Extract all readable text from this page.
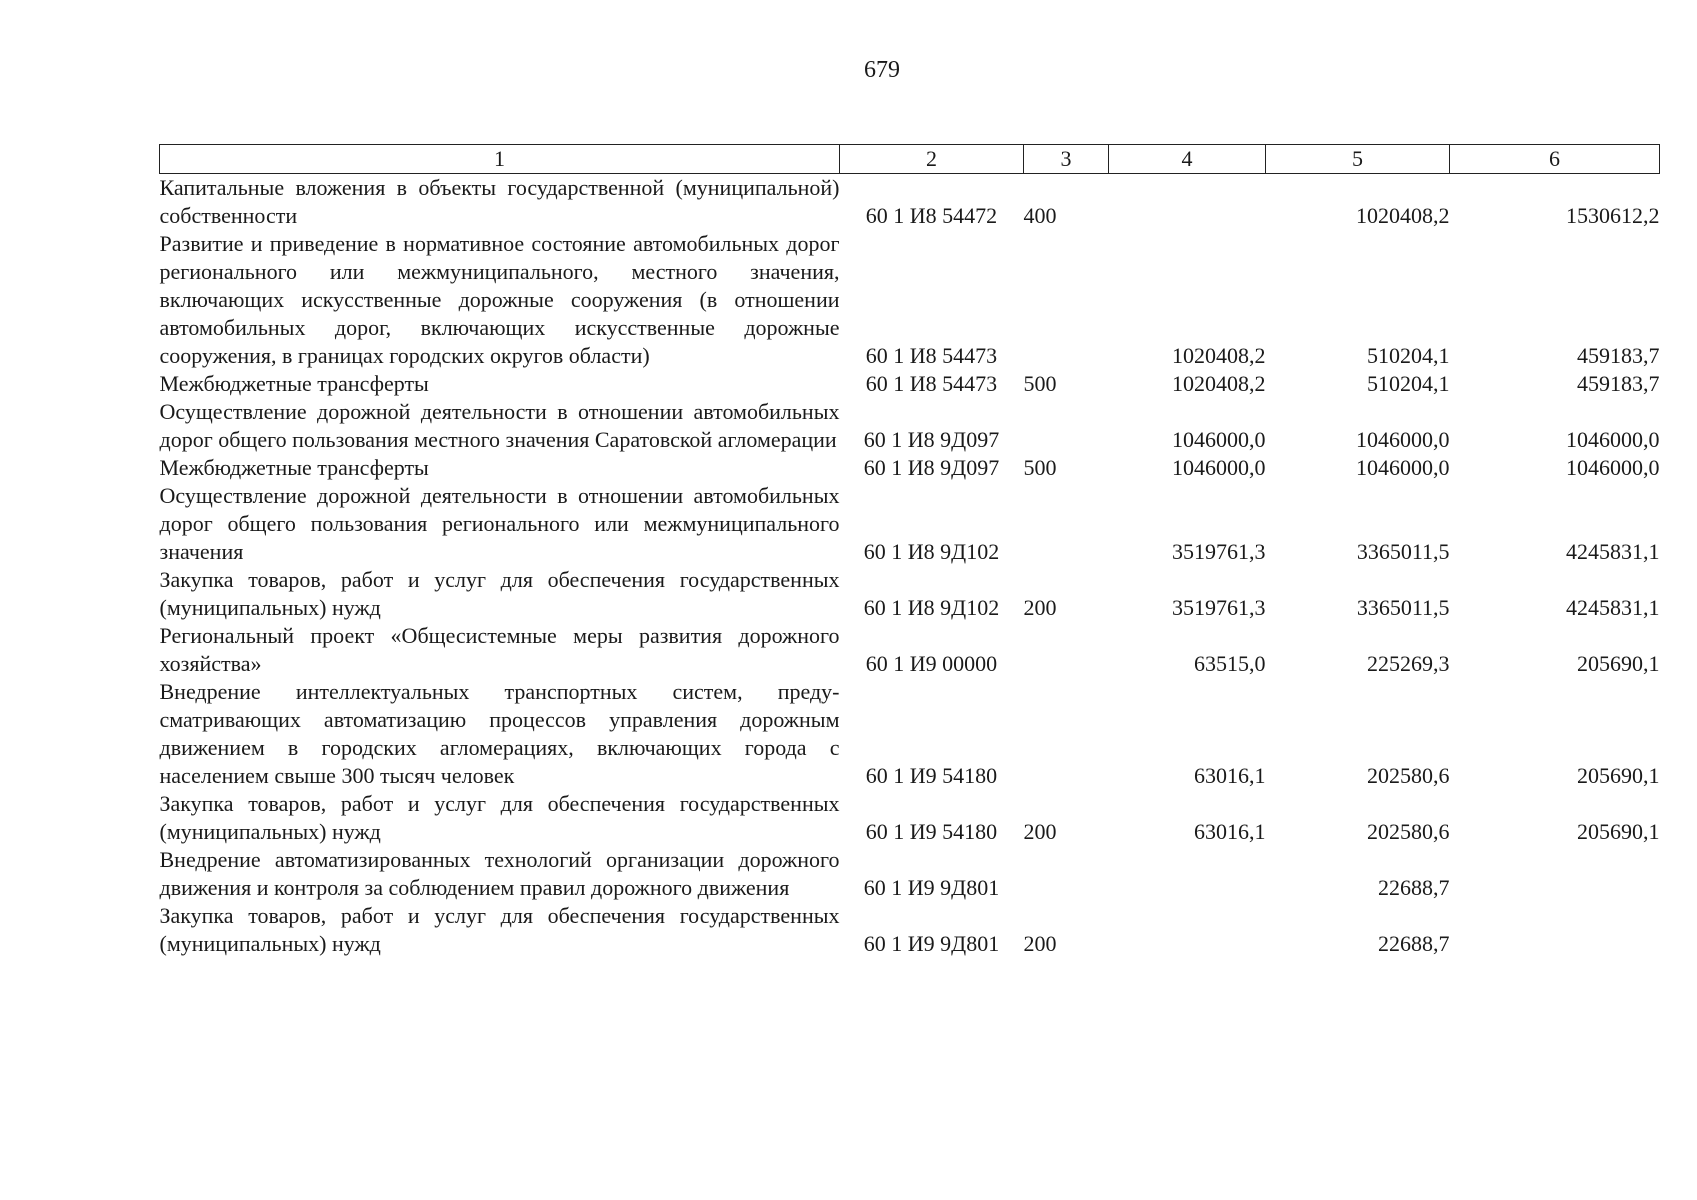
679
1	2	3	4	5	6
Капитальные вложения в объекты государственной (муниципальной) собственности	60 1 И8 54472	400		1020408,2	1530612,2
Развитие и приведение в нормативное состояние автомобильных дорог регионального или межмуниципального, местного значения, включающих искусственные дорожные сооружения (в отношении автомобильных дорог, включающих искусственные дорожные сооружения, в границах городских округов области)	60 1 И8 54473		1020408,2	510204,1	459183,7
Межбюджетные трансферты	60 1 И8 54473	500	1020408,2	510204,1	459183,7
Осуществление дорожной деятельности в отношении автомобильных дорог общего пользования местного значения Саратовской агломерации	60 1 И8 9Д097		1046000,0	1046000,0	1046000,0
Межбюджетные трансферты	60 1 И8 9Д097	500	1046000,0	1046000,0	1046000,0
Осуществление дорожной деятельности в отношении автомобильных дорог общего пользования регионального или межмуниципального значения	60 1 И8 9Д102		3519761,3	3365011,5	4245831,1
Закупка товаров, работ и услуг для обеспечения государственных (муниципальных) нужд	60 1 И8 9Д102	200	3519761,3	3365011,5	4245831,1
Региональный проект «Общесистемные меры развития дорожного хозяйства»	60 1 И9 00000		63515,0	225269,3	205690,1
Внедрение интеллектуальных транспортных систем, предусматривающих автоматизацию процессов управления дорожным движением в городских агломерациях, включающих города с населением свыше 300 тысяч человек	60 1 И9 54180		63016,1	202580,6	205690,1
Закупка товаров, работ и услуг для обеспечения государственных (муниципальных) нужд	60 1 И9 54180	200	63016,1	202580,6	205690,1
Внедрение автоматизированных технологий организации дорожного движения и контроля за соблюдением правил дорожного движения	60 1 И9 9Д801			22688,7	
Закупка товаров, работ и услуг для обеспечения государственных (муниципальных) нужд	60 1 И9 9Д801	200		22688,7	
